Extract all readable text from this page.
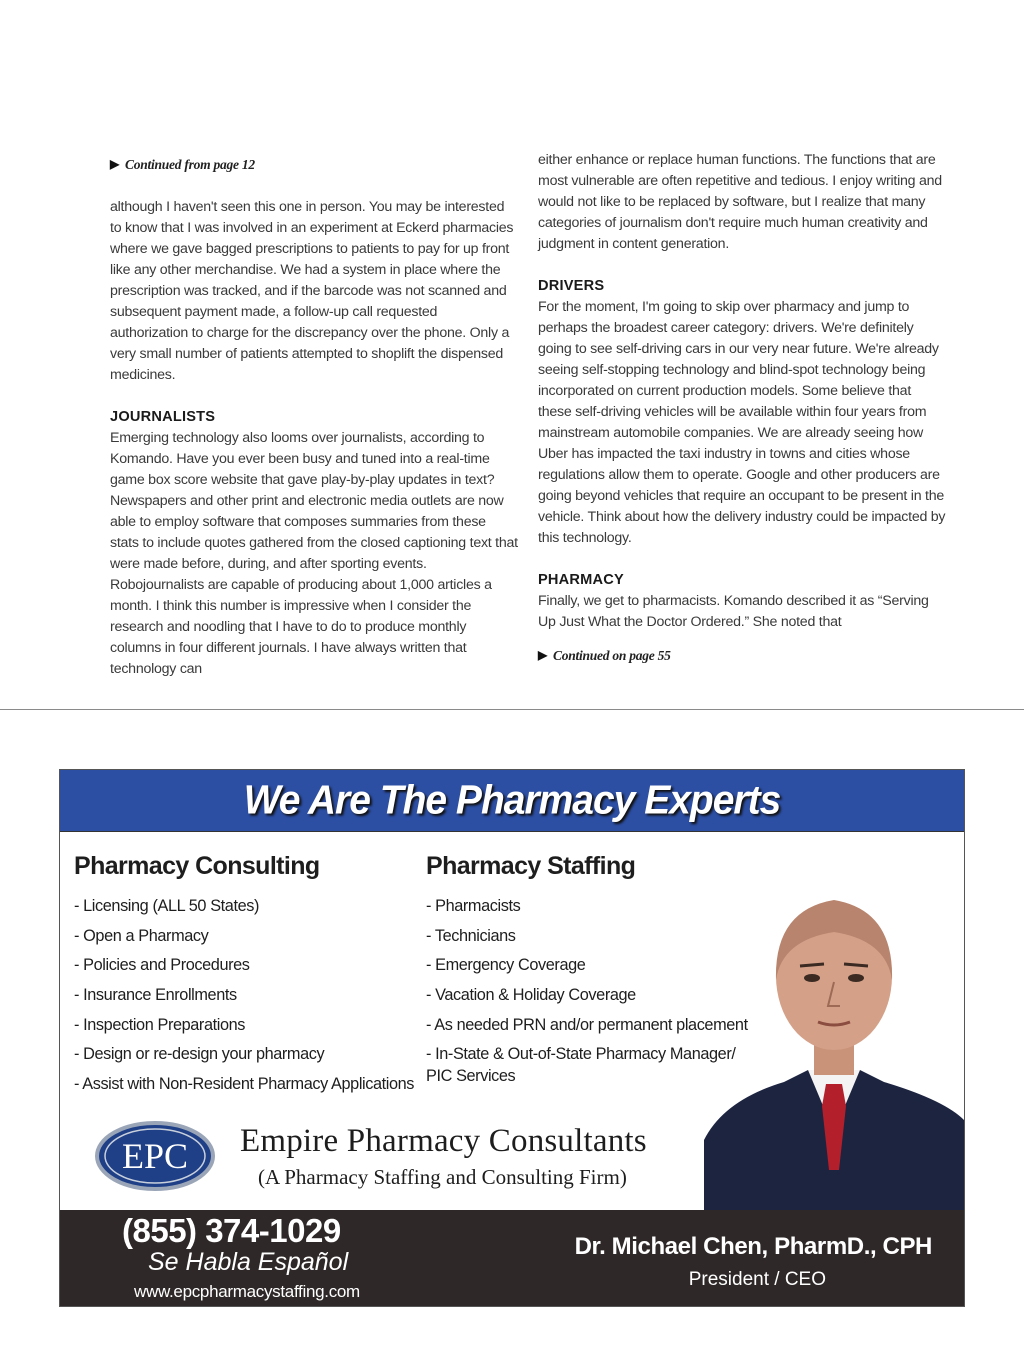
▶ Continued from page 12

although I haven't seen this one in person. You may be interested to know that I was involved in an experiment at Eckerd pharmacies where we gave bagged prescriptions to patients to pay for up front like any other merchandise. We had a system in place where the prescription was tracked, and if the barcode was not scanned and subsequent payment made, a follow-up call requested authorization to charge for the discrepancy over the phone. Only a very small number of patients attempted to shoplift the dispensed medicines.

JOURNALISTS

Emerging technology also looms over journalists, according to Komando. Have you ever been busy and tuned into a real-time game box score website that gave play-by-play updates in text? Newspapers and other print and electronic media outlets are now able to employ software that composes summaries from these stats to include quotes gathered from the closed captioning text that were made before, during, and after sporting events. Robojournalists are capable of producing about 1,000 articles a month. I think this number is impressive when I consider the research and noodling that I have to do to produce monthly columns in four different journals. I have always written that technology can

either enhance or replace human functions. The functions that are most vulnerable are often repetitive and tedious. I enjoy writing and would not like to be replaced by software, but I realize that many categories of journalism don't require much human creativity and judgment in content generation.

DRIVERS

For the moment, I'm going to skip over pharmacy and jump to perhaps the broadest career category: drivers. We're definitely going to see self-driving cars in our very near future. We're already seeing self-stopping technology and blind-spot technology being incorporated on current production models. Some believe that these self-driving vehicles will be available within four years from mainstream automobile companies. We are already seeing how Uber has impacted the taxi industry in towns and cities whose regulations allow them to operate. Google and other producers are going beyond vehicles that require an occupant to be present in the vehicle. Think about how the delivery industry could be impacted by this technology.

PHARMACY

Finally, we get to pharmacists. Komando described it as “Serving Up Just What the Doctor Ordered.” She noted that

▶ Continued on page 55
We Are The Pharmacy Experts
Pharmacy Consulting
- Licensing (ALL 50 States)
- Open a Pharmacy
- Policies and Procedures
- Insurance Enrollments
- Inspection Preparations
- Design or re-design your pharmacy
- Assist with Non-Resident Pharmacy Applications
Pharmacy Staffing
- Pharmacists
- Technicians
- Emergency Coverage
- Vacation & Holiday Coverage
- As needed PRN and/or permanent placement
- In-State & Out-of-State Pharmacy Manager/ PIC Services
EPC Empire Pharmacy Consultants
(A Pharmacy Staffing and Consulting Firm)
(855) 374-1029
Se Habla Español
www.epcpharmacystaffing.com
Dr. Michael Chen, PharmD., CPH
President / CEO
